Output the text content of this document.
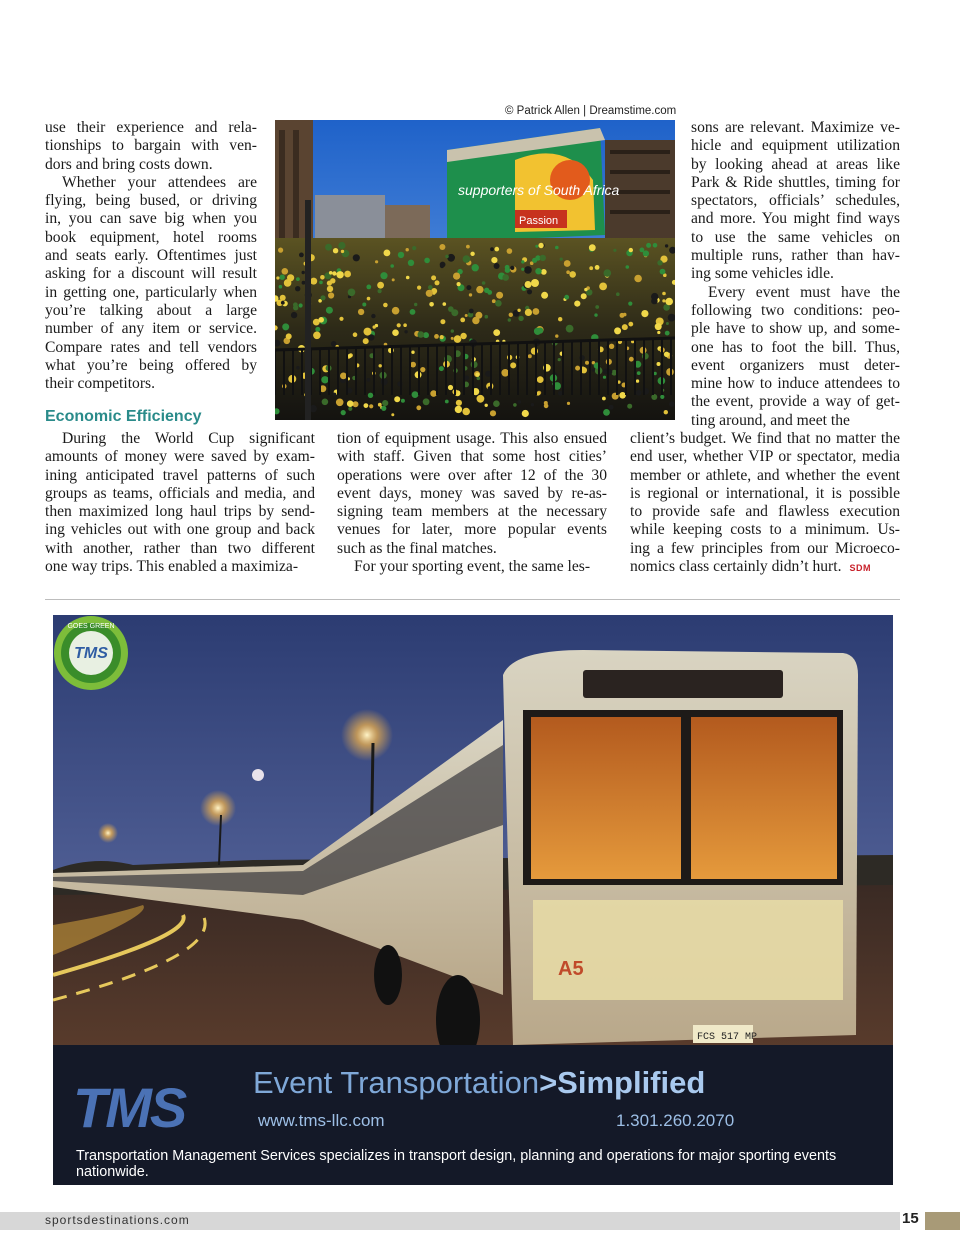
© Patrick Allen | Dreamstime.com
use their experience and rela-
tionships to bargain with ven-
dors and bring costs down.
Whether your attendees are
flying, being bused, or driving
in, you can save big when you
book equipment, hotel rooms
and seats early. Oftentimes just
asking for a discount will result
in getting one, particularly when
you’re talking about a large
number of any item or service.
Compare rates and tell vendors
what you’re being offered by
their competitors.
Economic Efficiency
During the World Cup significant
amounts of money were saved by exam-
ining anticipated travel patterns of such
groups as teams, officials and media, and
then maximized long haul trips by send-
ing vehicles out with one group and back
with another, rather than two different
one way trips. This enabled a maximiza-
tion of equipment usage. This also ensued
with staff. Given that some host cities’
operations were over after 12 of the 30
event days, money was saved by re-as-
signing team members at the necessary
venues for later, more popular events
such as the final matches.
For your sporting event, the same les-
sons are relevant. Maximize ve-
hicle and equipment utilization
by looking ahead at areas like
Park & Ride shuttles, timing for
spectators, officials’ schedules,
and more. You might find ways
to use the same vehicles on
multiple runs, rather than hav-
ing some vehicles idle.
Every event must have the
following two conditions: peo-
ple have to show up, and some-
one has to foot the bill. Thus,
event organizers must deter-
mine how to induce attendees to
the event, provide a way of get-
ting around, and meet the
client’s budget. We find that no matter the
end user, whether VIP or spectator, media
member or athlete, and whether the event
is regional or international, it is possible
to provide safe and flawless execution
while keeping costs to a minimum. Us-
ing a few principles from our Microeco-
nomics class certainly didn’t hurt. SDM
supporters of South Africa
Passion
A5
FCS 517 MP
TMS Event Transportation>Simplified
www.tms-llc.com	1.301.260.2070
Transportation Management Services specializes in transport design, planning and operations for major sporting events nationwide.
TMS
GOES GREEN
sportsdestinations.com	15
